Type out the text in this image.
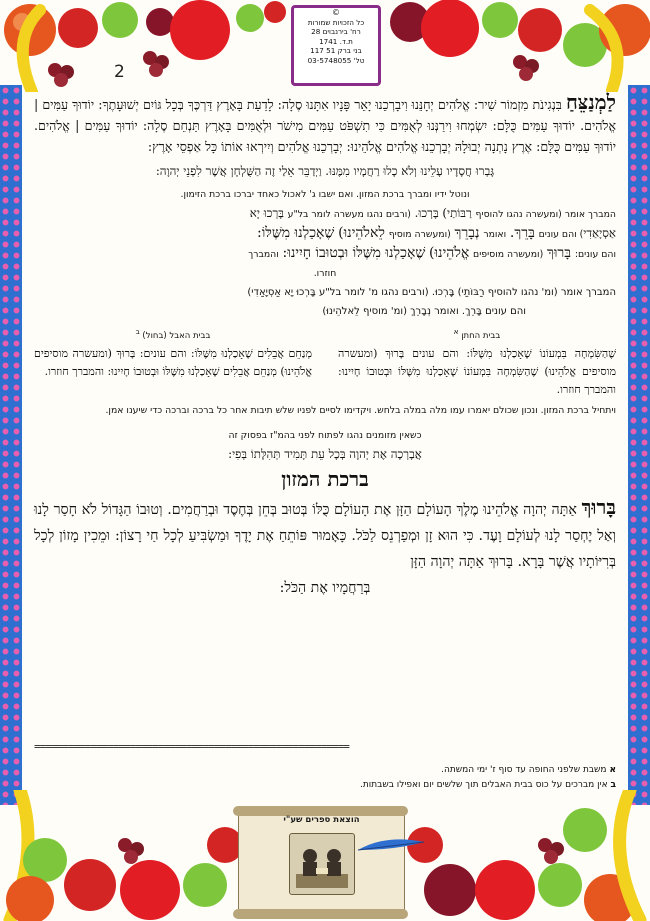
©
כל הזכויות שמורות
רח' בירנבוים 28
ת.ד. 1741
בני ברק 51 117
טל' 03-5748055
2

לַמְנַצֵּחַ בִּנְגִינֹת מִזְמוֹר שִׁיר: אֱלֹהִים יְחָנֵּנוּ וִיבָרְכֵנוּ יָאֵר פָּנָיו אִתָּנוּ סֶלָה: לָדַעַת בָּאָרֶץ דַּרְכֶּךָ בְּכָל גּוֹיִם יְשׁוּעָתֶךָ: יוֹדוּךָ עַמִּים | אֱלֹהִים. יוֹדוּךָ עַמִּים כֻּלָּם: יִשְׂמְחוּ וִירַנְּנוּ לְאֻמִּים כִּי תִשְׁפֹּט עַמִּים מִישֹׁר וּלְאֻמִּים בָּאָרֶץ תַּנְחֵם סֶלָה: יוֹדוּךָ עַמִּים | אֱלֹהִים. יוֹדוּךָ עַמִּים כֻּלָּם: אֶרֶץ נָתְנָה יְבוּלָהּ יְבָרְכֵנוּ אֱלֹהִים אֱלֹהֵינוּ: יְבָרְכֵנוּ אֱלֹהִים וְיִירְאוּ אוֹתוֹ כָּל אַפְסֵי אָרֶץ:

גָּבְרוּ חֲסָדָיו עָלֵינוּ וְלֹא כָלוּ רַחֲמָיו מִמֶּנּוּ. וַיְדַבֵּר אֵלַי זֶה הַשֻּׁלְחָן אֲשֶׁר לִפְנֵי יְהוָה:

ונוטל ידיו ומברך ברכת המזון. ואם ישבו ג' לאכול כאחד יברכו ברכת הזימון.

המברך אומר (ומעשרה נהגו להוסיף רַבּוֹתַי) בָּרְכוּ. (ורבים נהגו מעשרה לומר בל"ע בָּרְכוּ יָא

אַסְיָאַדִי) והם עונים בָּרֵךְ. ואומר נְבָרֵךְ (ומעשרה מוסיף לֵאלֹהֵינוּ) שֶׁאָכַלְנוּ מִשֶּׁלּוֹ:

והם עונים: בָּרוּךְ (ומעשרה מוסיפים אֱלֹהֵינוּ) שֶׁאָכַלְנוּ מִשֶּׁלּוֹ וּבְטוּבוֹ חָיִינוּ: והמברך

חוזרו.

המברך אומר (ומ' נהגו להוסיף רַבּוֹתַי) בָּרְכוּ. (ורבים נהגו מ' לומר בל"ע בָּרְכוּ יָא אַסְיָאַדִי)

והם עונים בָּרֵךְ. ואומר נְבָרֵךְ (ומ' מוסיף לֵאלֹהֵינוּ)

בבית החתן $^א$
שֶׁהַשִּׂמְחָה בִּמְעוֹנוֹ שֶׁאָכַלְנוּ מִשֶּׁלּוֹ: והם עונים בָּרוּךְ (ומעשרה מוסיפים אֱלֹהֵינוּ) שֶׁהַשִּׂמְחָה בִּמְעוֹנוֹ שֶׁאָכַלְנוּ מִשֶּׁלּוֹ וּבְטוּבוֹ חָיִינוּ: והמברך חוזרו.
בבית האבל (בחול) $^ב$
מְנַחֵם אֲבֵלִים שֶׁאָכַלְנוּ מִשֶּׁלּוֹ: והם עונים: בָּרוּךְ (ומעשרה מוסיפים אֱלֹהֵינוּ) מְנַחֵם אֲבֵלִים שֶׁאָכַלְנוּ מִשֶּׁלּוֹ וּבְטוּבוֹ חָיִינוּ: והמברך חוזרו.

ויתחיל ברכת המזון. ונכון שכולם יאמרו עמו מלה במלה בלחש. ויקדימו לסיים לפניו שלש תיבות אחר כל ברכה וברכה כדי שיענו אמן.

כשאין מזומנים נהגו לפתוח לפני בהמ"ז בפסוק זה

אֲבָרְכָה אֶת יְהוָה בְּכָל עֵת תָּמִיד תְּהִלָּתוֹ בְּפִי:

ברכת המזון

בָּרוּךְ אַתָּה יְהוָה אֱלֹהֵינוּ מֶלֶךְ הָעוֹלָם הַזָּן אֶת הָעוֹלָם כֻּלּוֹ בְּטוּב בְּחֵן בְּחֶסֶד וּבְרַחֲמִים. וְטוּבוֹ הַגָּדוֹל לֹא חָסַר לָנוּ וְאַל יֶחְסַר לָנוּ לְעוֹלָם וָעֶד. כִּי הוּא זָן וּמְפַרְנֵס לַכֹּל. כָּאָמוּר פּוֹתֵחַ אֶת יָדֶךָ וּמַשְׂבִּיעַ לְכָל חַי רָצוֹן: וּמֵכִין מָזוֹן לְכָל בְּרִיּוֹתָיו אֲשֶׁר בָּרָא. בָּרוּךְ אַתָּה יְהוָה הַזָּן

בְּרַחֲמָיו אֶת הַכֹּל:

========================================================
א משבת שלפני החופה עד סוף ז' ימי המשתה.
ב אין מברכים על כוס בבית האבלים תוך שלשים יום ואפילו בשבתות.
הוצאת ספרים שע"י
